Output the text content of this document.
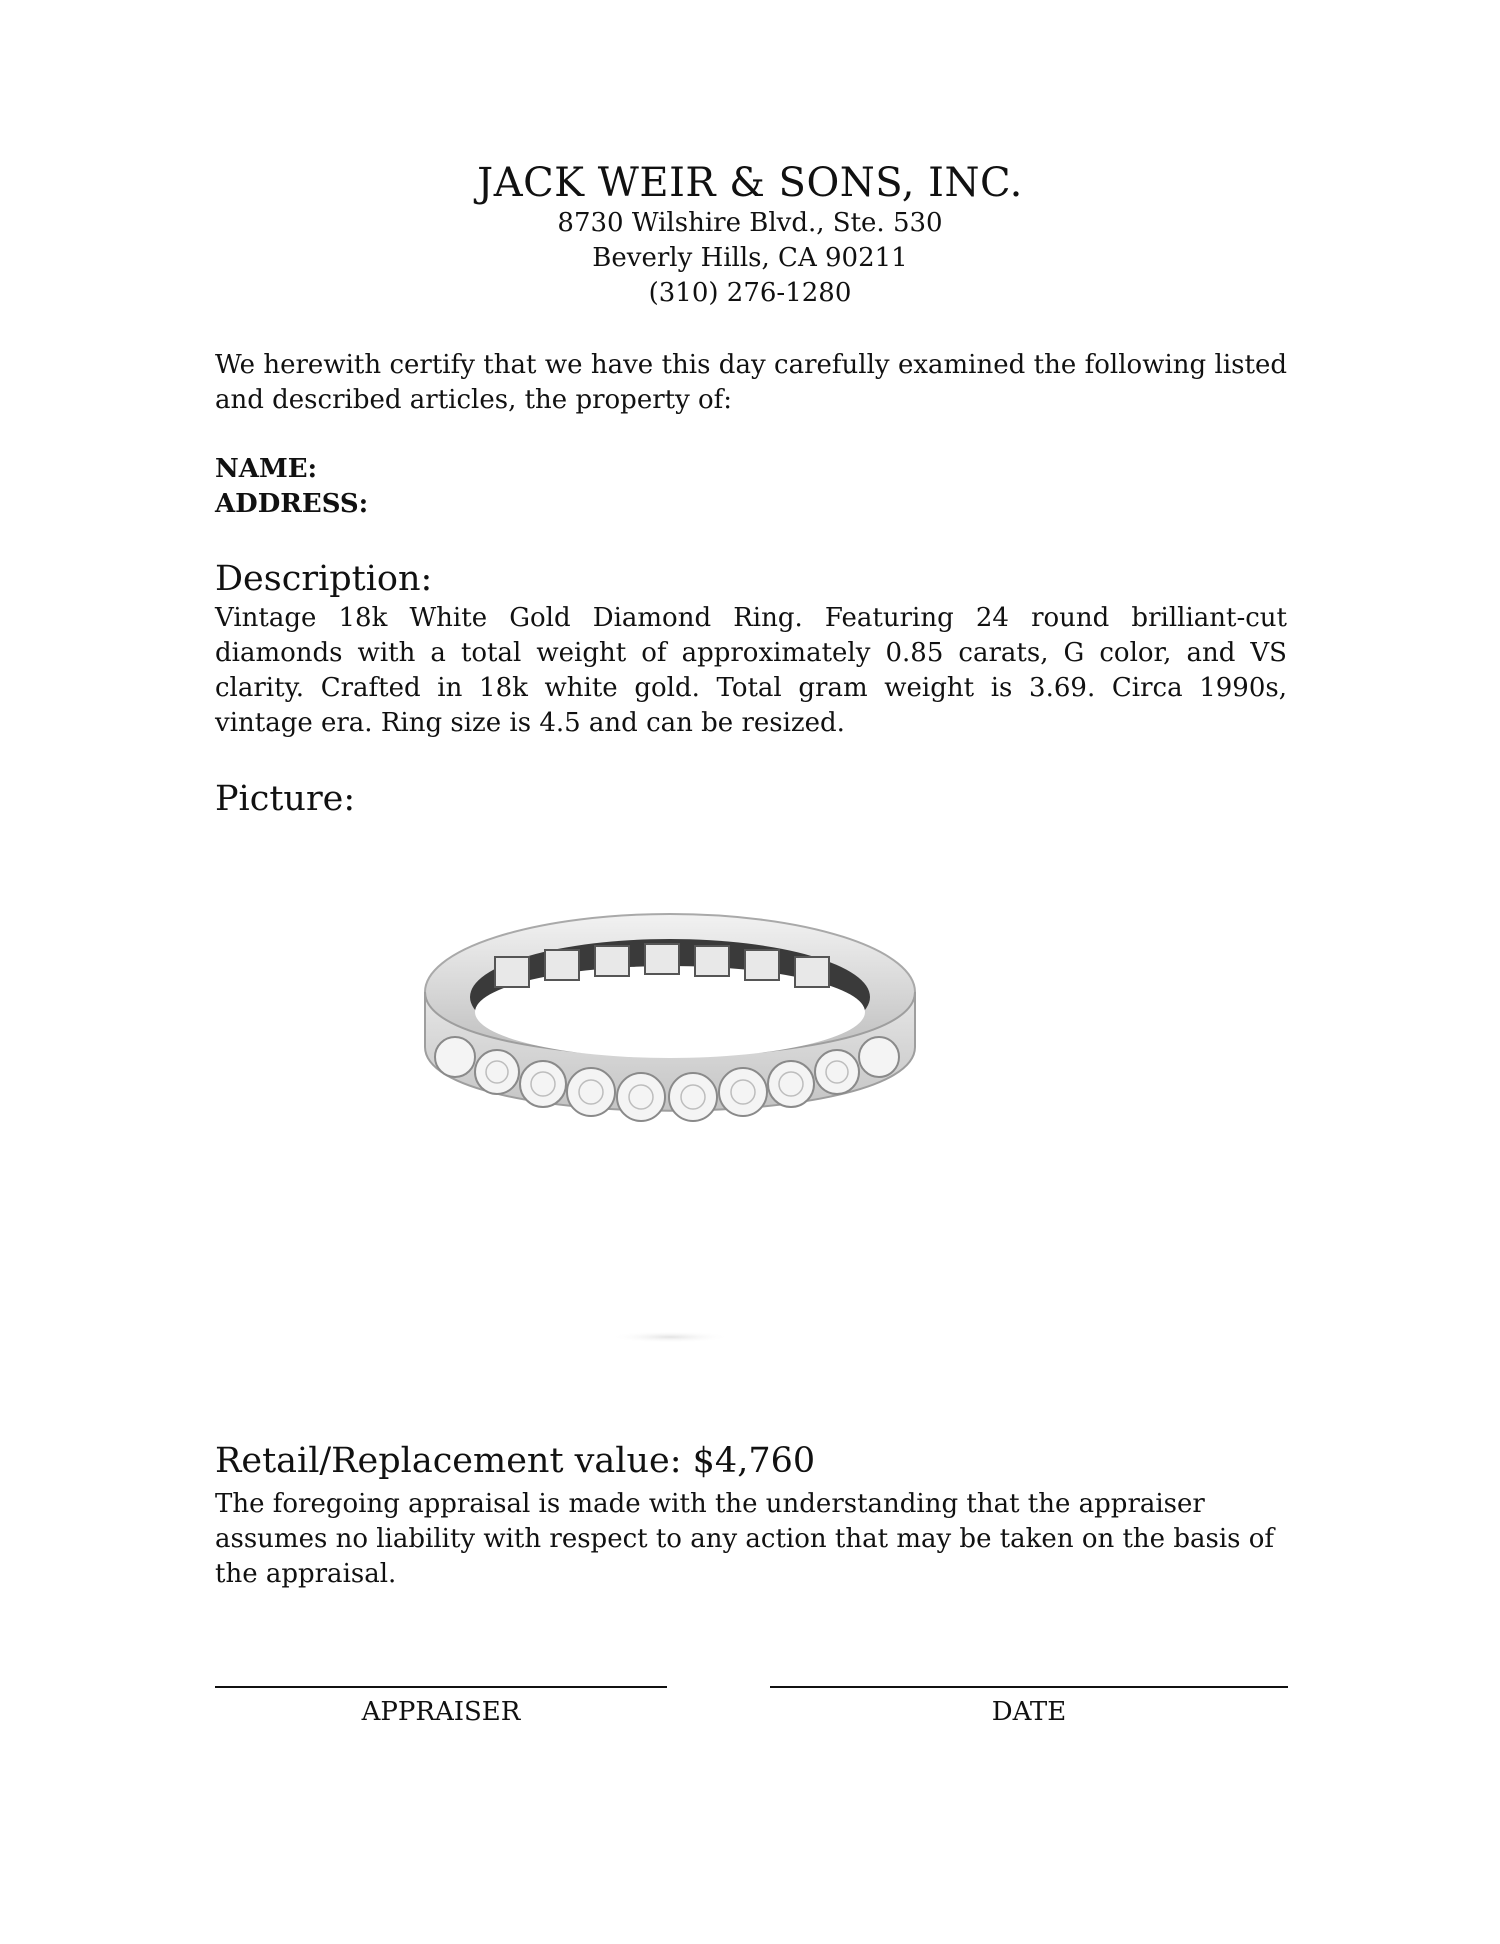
JACK WEIR & SONS, INC.
8730 Wilshire Blvd., Ste. 530
Beverly Hills, CA 90211
(310) 276-1280
We herewith certify that we have this day carefully examined the following listed and described articles, the property of:
NAME:
ADDRESS:
Description:
Vintage 18k White Gold Diamond Ring. Featuring 24 round brilliant-cut diamonds with a total weight of approximately 0.85 carats, G color, and VS clarity. Crafted in 18k white gold. Total gram weight is 3.69. Circa 1990s, vintage era. Ring size is 4.5 and can be resized.
Picture:
Retail/Replacement value: $4,760
The foregoing appraisal is made with the understanding that the appraiser assumes no liability with respect to any action that may be taken on the basis of the appraisal.
APPRAISER	DATE
